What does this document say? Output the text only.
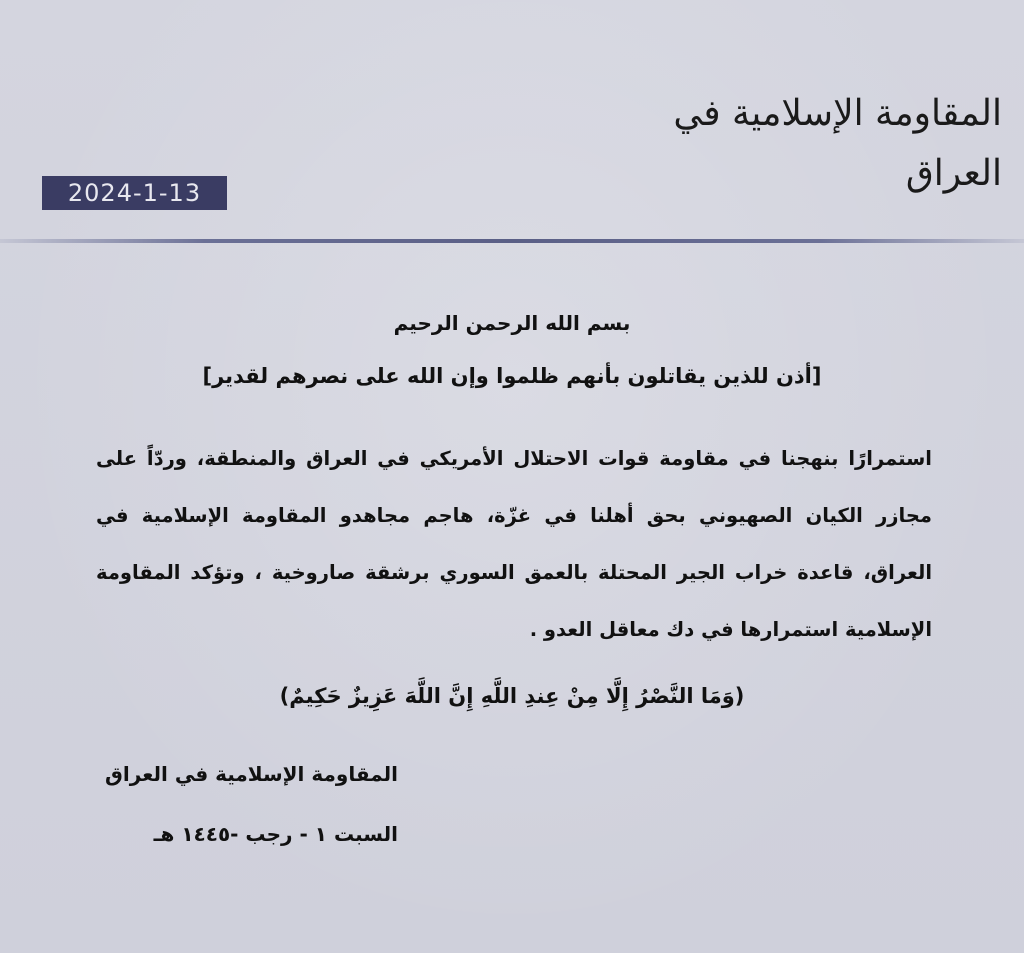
المقاومة الإسلامية في العراق
2024-1-13
بسم الله الرحمن الرحيم
[أذن للذين يقاتلون بأنهم ظلموا وإن الله على نصرهم لقدير]
استمرارًا بنهجنا في مقاومة قوات الاحتلال الأمريكي في العراق والمنطقة، وردّاً على مجازر الكيان الصهيوني بحق أهلنا في غزّة، هاجم مجاهدو المقاومة الإسلامية في العراق، قاعدة خراب الجير المحتلة بالعمق السوري برشقة صاروخية ، وتؤكد المقاومة الإسلامية استمرارها في دك معاقل العدو .
(وَمَا النَّصْرُ إِلَّا مِنْ عِندِ اللَّهِ إِنَّ اللَّهَ عَزِيزٌ حَكِيمٌ)
المقاومة الإسلامية في العراق
السبت ١ - رجب -١٤٤٥ هـ
